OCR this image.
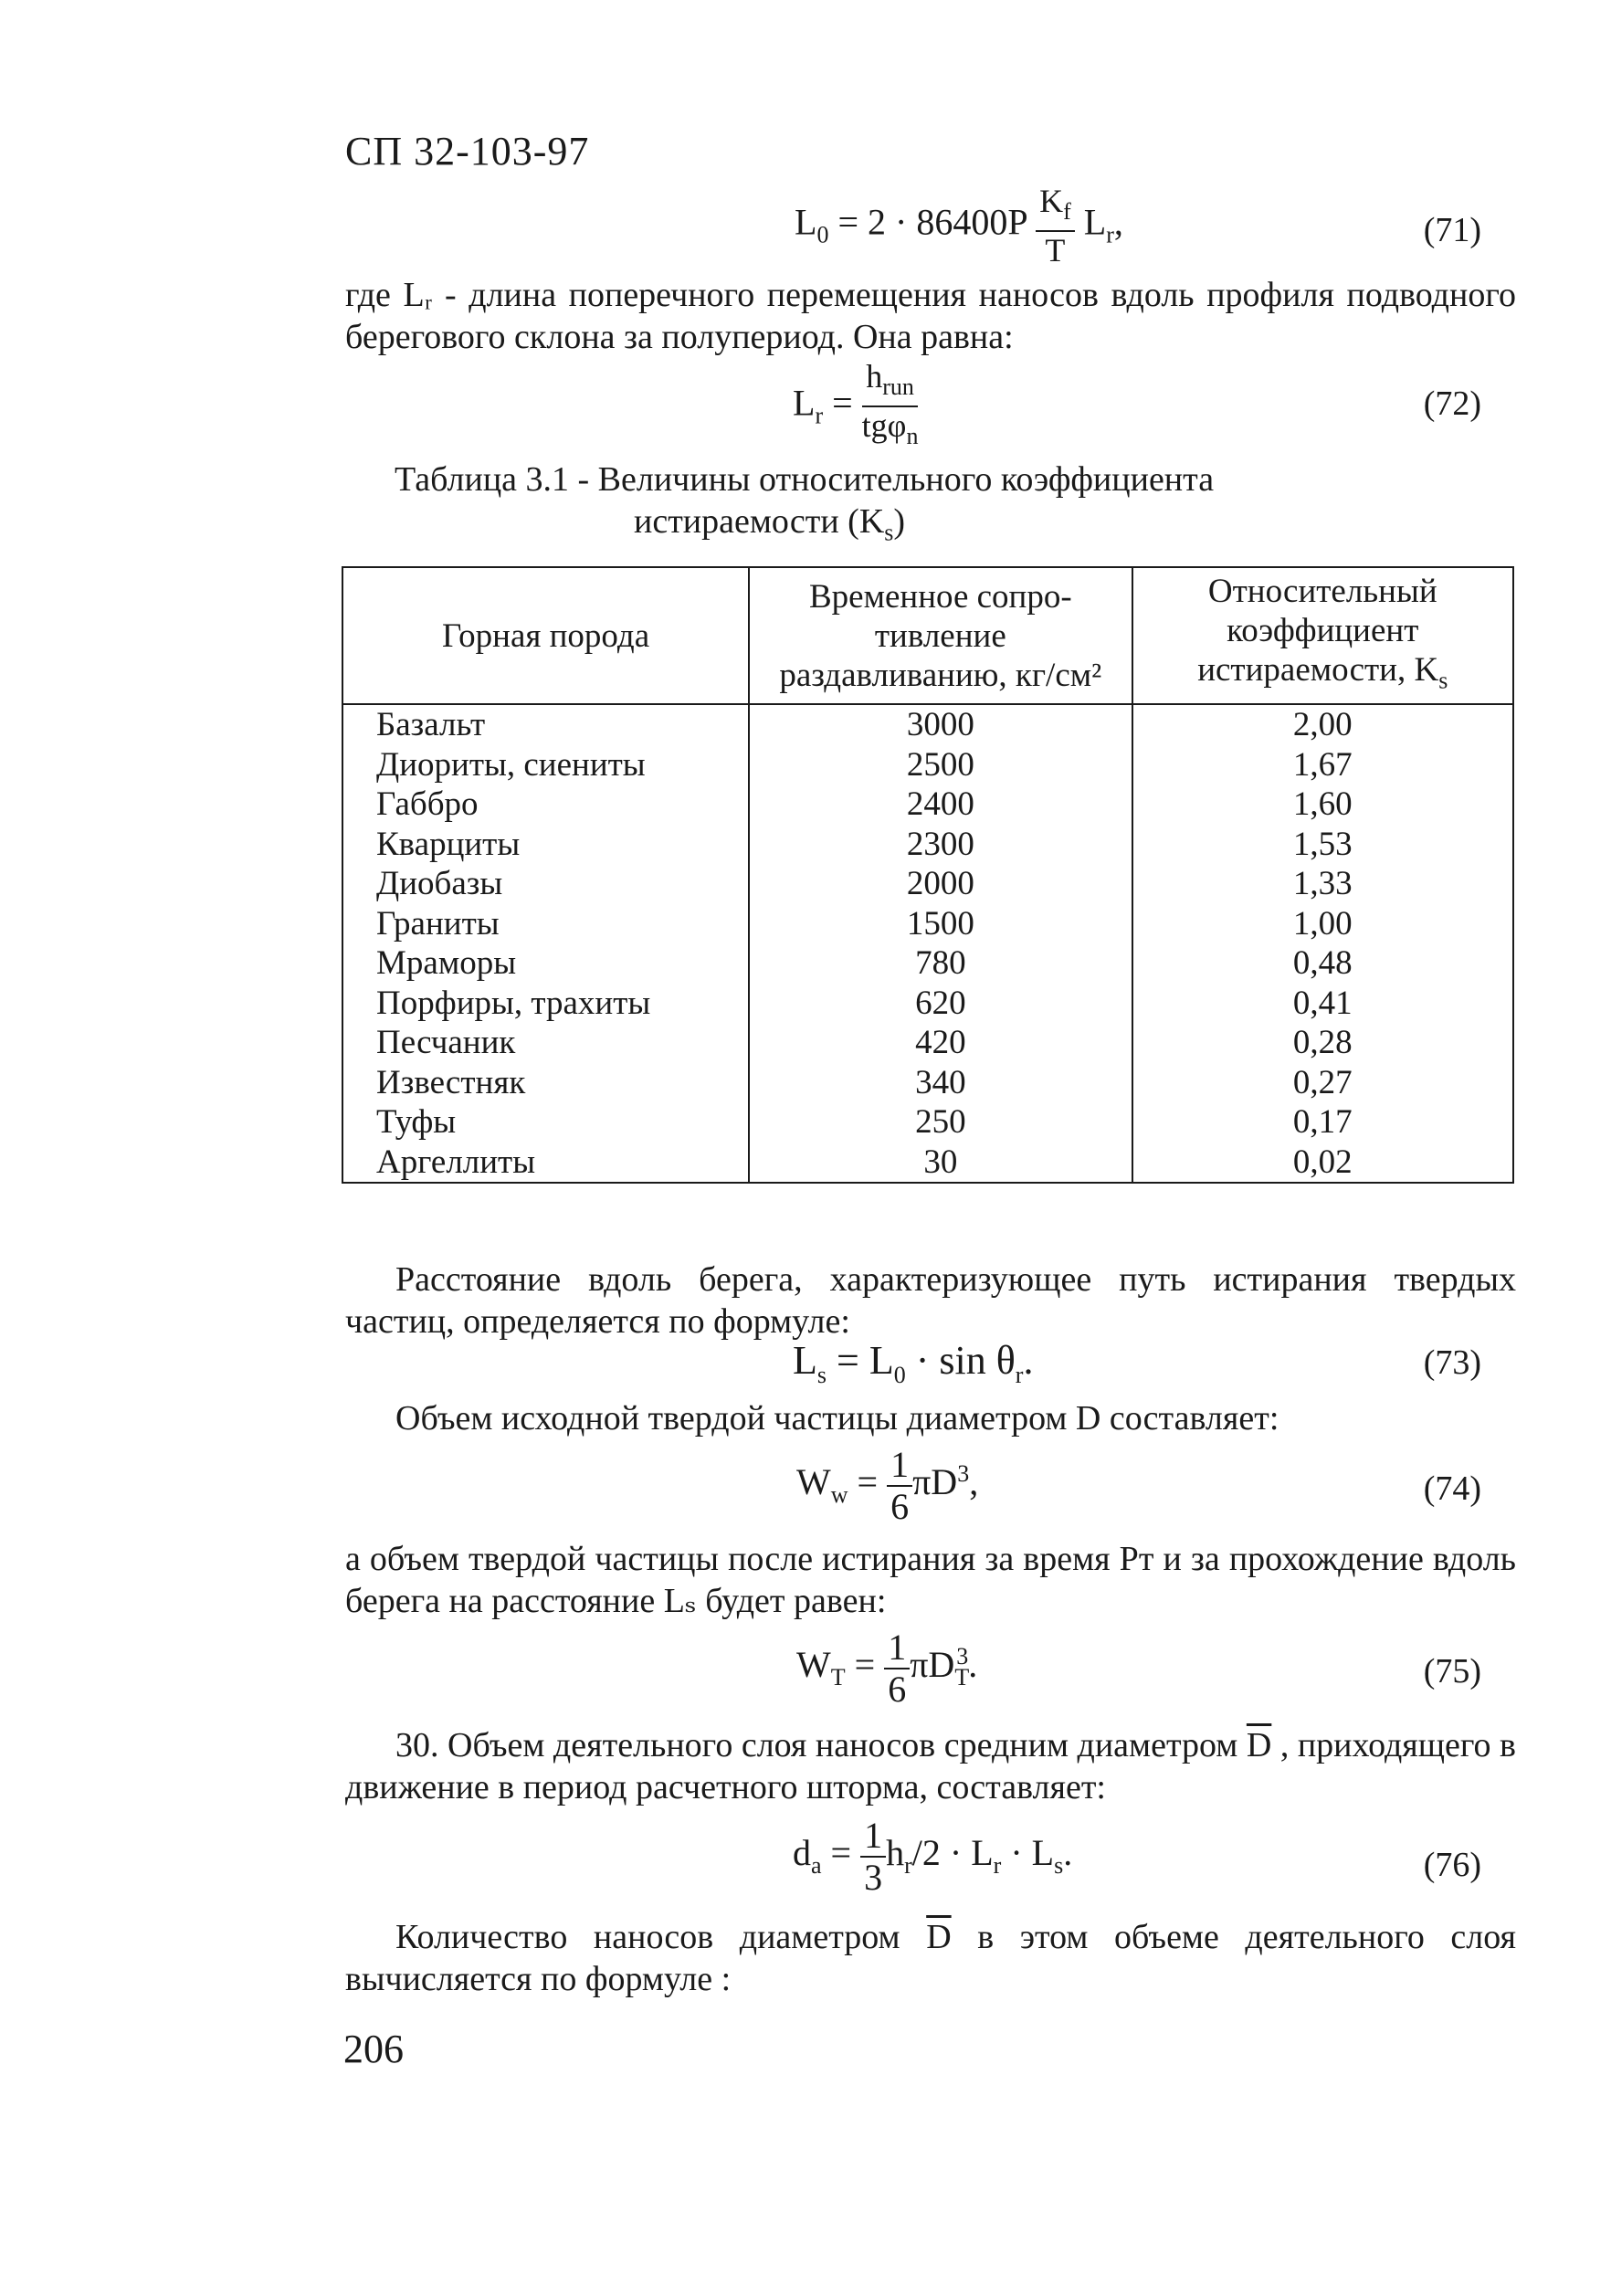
СП 32-103-97
$L_0 = 2 \cdot 86400P \frac{K_f}{T} L_r$,	(71)
где Lᵣ - длина поперечного перемещения наносов вдоль профиля подводного берегового склона за полупериод. Она равна:
$L_r = \frac{h_{run}}{tg\varphi_n}$	(72)
Таблица 3.1 - Величины относительного коэффициента
истираемости $(K_s)$
Горная порода	Временное сопро-тивление раздавливанию, кг/см²	Относительный коэффициент истираемости, $K_s$
Базальт	3000	2,00
Диориты, сиениты	2500	1,67
Габбро	2400	1,60
Кварциты	2300	1,53
Диобазы	2000	1,33
Граниты	1500	1,00
Мраморы	780	0,48
Порфиры, трахиты	620	0,41
Песчаник	420	0,28
Известняк	340	0,27
Туфы	250	0,17
Аргеллиты	30	0,02
Расстояние вдоль берега, характеризующее путь истирания твердых частиц, определяется по формуле:
$L_s = L_0 \cdot \sin \theta_r$.	(73)
Объем исходной твердой частицы диаметром D составляет:
$W_w = \frac{1}{6} \pi D^3$,	(74)
а объем твердой частицы после истирания за время Pᴛ и за прохождение вдоль берега на расстояние Lₛ будет равен:
$W_T = \frac{1}{6} \pi D_T^3$.	(75)
30. Объем деятельного слоя наносов средним диаметром $\overline{D}$ , приходящего в движение в период расчетного шторма, составляет:
$d_a = \frac{1}{3} h_r/2 \cdot L_r \cdot L_s$.	(76)
Количество наносов диаметром $\overline{D}$ в этом объеме деятельного слоя вычисляется по формуле :
206
